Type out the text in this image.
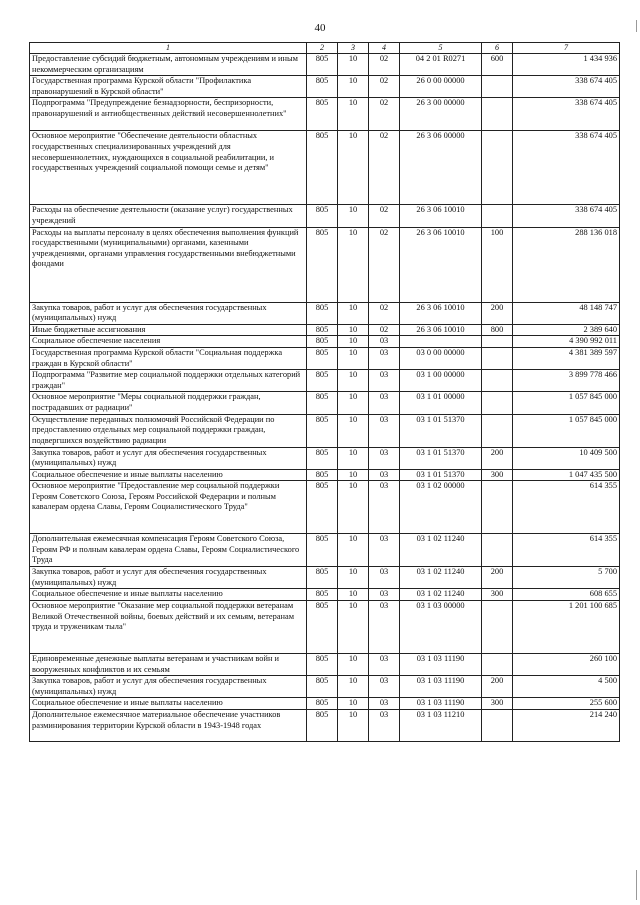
40
1	2	3	4	5	6	7
Предоставление субсидий бюджетным, автономным учреждениям и иным некоммерческим организациям	805	10	02	04 2 01 R0271	600	1 434 936
Государственная программа Курской области "Профилактика правонарушений в Курской области"	805	10	02	26 0 00 00000		338 674 405
Подпрограмма "Предупреждение безнадзорности, беспризорности, правонарушений и антиобщественных действий несовершеннолетних"	805	10	02	26 3 00 00000		338 674 405
Основное мероприятие "Обеспечение деятельности областных государственных специализированных учреждений для несовершеннолетних, нуждающихся в социальной реабилитации, и государственных учреждений социальной помощи семье и детям"	805	10	02	26 3 06 00000		338 674 405
Расходы на обеспечение деятельности (оказание услуг) государственных учреждений	805	10	02	26 3 06 10010		338 674 405
Расходы на выплаты персоналу в целях обеспечения выполнения функций государственными (муниципальными) органами, казенными учреждениями, органами управления государственными внебюджетными фондами	805	10	02	26 3 06 10010	100	288 136 018
Закупка товаров, работ и услуг для обеспечения государственных (муниципальных) нужд	805	10	02	26 3 06 10010	200	48 148 747
Иные бюджетные ассигнования	805	10	02	26 3 06 10010	800	2 389 640
Социальное обеспечение населения	805	10	03			4 390 992 011
Государственная программа Курской области "Социальная поддержка граждан в Курской области"	805	10	03	03 0 00 00000		4 381 389 597
Подпрограмма "Развитие мер социальной поддержки отдельных категорий граждан"	805	10	03	03 1 00 00000		3 899 778 466
Основное мероприятие "Меры социальной поддержки граждан, пострадавших от радиации"	805	10	03	03 1 01 00000		1 057 845 000
Осуществление переданных полномочий Российской Федерации по предоставлению отдельных мер социальной поддержки граждан, подвергшихся воздействию радиации	805	10	03	03 1 01 51370		1 057 845 000
Закупка товаров, работ и услуг для обеспечения государственных (муниципальных) нужд	805	10	03	03 1 01 51370	200	10 409 500
Социальное обеспечение и иные выплаты населению	805	10	03	03 1 01 51370	300	1 047 435 500
Основное мероприятие "Предоставление мер социальной поддержки Героям Советского Союза, Героям Российской Федерации и полным кавалерам ордена Славы, Героям Социалистического Труда"	805	10	03	03 1 02 00000		614 355
Дополнительная ежемесячная компенсация Героям Советского Союза, Героям РФ и полным кавалерам ордена Славы, Героям Социалистического Труда	805	10	03	03 1 02 11240		614 355
Закупка товаров, работ и услуг для обеспечения государственных (муниципальных) нужд	805	10	03	03 1 02 11240	200	5 700
Социальное обеспечение и иные выплаты населению	805	10	03	03 1 02 11240	300	608 655
Основное мероприятие "Оказание мер социальной поддержки ветеранам Великой Отечественной войны, боевых действий и их семьям, ветеранам труда и труженикам тыла"	805	10	03	03 1 03 00000		1 201 100 685
Единовременные денежные выплаты ветеранам и участникам войн и вооруженных конфликтов и их семьям	805	10	03	03 1 03 11190		260 100
Закупка товаров, работ и услуг для обеспечения государственных (муниципальных) нужд	805	10	03	03 1 03 11190	200	4 500
Социальное обеспечение и иные выплаты населению	805	10	03	03 1 03 11190	300	255 600
Дополнительное ежемесячное материальное обеспечение участников разминирования территории Курской области в 1943-1948 годах	805	10	03	03 1 03 11210		214 240
